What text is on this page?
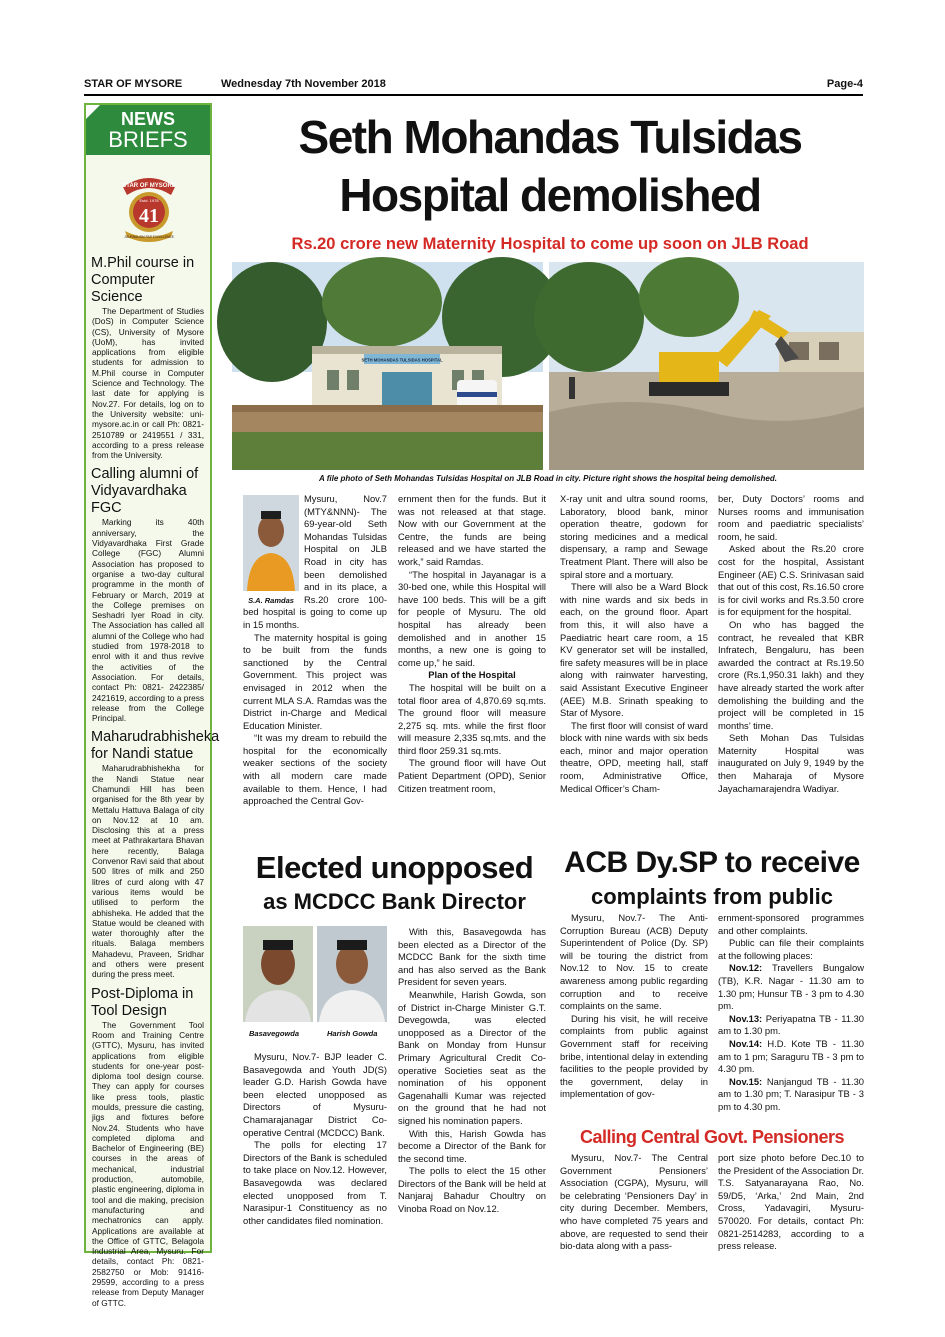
STAR OF MYSORE	Wednesday 7th November 2018	Page-4
NEWS
BRIEFS
STAR OF MYSORE
Estd. 1978
41
JOURNALISM PAR EXCELLENCE
M.Phil course in Computer Science
The Department of Studies (DoS) in Computer Science (CS), University of Mysore (UoM), has invited applications from eligible students for admission to M.Phil course in Computer Science and Technology. The last date for applying is Nov.27. For details, log on to the University website: uni-mysore.ac.in or call Ph: 0821-2510789 or 2419551 / 331, according to a press release from the University.
Calling alumni of Vidyavardhaka FGC
Marking its 40th anniversary, the Vidyavardhaka First Grade College (FGC) Alumni Association has proposed to organise a two-day cultural programme in the month of February or March, 2019 at the College premises on Seshadri Iyer Road in city. The Association has called all alumni of the College who had studied from 1978-2018 to enrol with it and thus revive the activities of the Association. For details, contact Ph: 0821- 2422385/ 2421619, according to a press release from the College Principal.
Maharudrabhisheka for Nandi statue
Maharudrabhishekha for the Nandi Statue near Chamundi Hill has been organised for the 8th year by Mettalu Hattuva Balaga of city on Nov.12 at 10 am. Disclosing this at a press meet at Pathrakartara Bhavan here recently, Balaga Convenor Ravi said that about 500 litres of milk and 250 litres of curd along with 47 various items would be utilised to perform the abhisheka. He added that the Statue would be cleaned with water thoroughly after the rituals. Balaga members Mahadevu, Praveen, Sridhar and others were present during the press meet.
Post-Diploma in Tool Design
The Government Tool Room and Training Centre (GTTC), Mysuru, has invited applications from eligible students for one-year post-diploma tool design course. They can apply for courses like press tools, plastic moulds, pressure die casting, jigs and fixtures before Nov.24. Students who have completed diploma and Bachelor of Engineering (BE) courses in the areas of mechanical, industrial production, automobile, plastic engineering, diploma in tool and die making, precision manufacturing and mechatronics can apply. Applications are available at the Office of GTTC, Belagola Industrial Area, Mysuru. For details, contact Ph: 0821-2582750 or Mob: 91416-29599, according to a press release from Deputy Manager of GTTC.
Seth Mohandas Tulsidas
Hospital demolished
Rs.20 crore new Maternity Hospital to come up soon on JLB Road
SETH MOHANDAS TULSIDAS HOSPITAL
A file photo of Seth Mohandas Tulsidas Hospital on JLB Road in city. Picture right shows the hospital being demolished.
S.A. Ramdas

Mysuru, Nov.7 (MTY&NNN)- The 69-year-old Seth Mohandas Tulsidas Hospital on JLB Road in city has been demolished and in its place, a Rs.20 crore 100-bed hospital is going to come up in 15 months.

The maternity hospital is going to be built from the funds sanctioned by the Central Government. This project was envisaged in 2012 when the current MLA S.A. Ramdas was the District in-Charge and Medical Education Minister.

“It was my dream to rebuild the hospital for the economically weaker sections of the society with all modern care made available to them. Hence, I had approached the Central Gov-

ernment then for the funds. But it was not released at that stage. Now with our Government at the Centre, the funds are being released and we have started the work,” said Ramdas.

“The hospital in Jayanagar is a 30-bed one, while this Hospital will have 100 beds. This will be a gift for people of Mysuru. The old hospital has already been demolished and in another 15 months, a new one is going to come up,” he said.

Plan of the Hospital

The hospital will be built on a total floor area of 4,870.69 sq.mts. The ground floor will measure 2,275 sq. mts. while the first floor will measure 2,335 sq.mts. and the third floor 259.31 sq.mts.

The ground floor will have Out Patient Department (OPD), Senior Citizen treatment room,

X-ray unit and ultra sound rooms, Laboratory, blood bank, minor operation theatre, godown for storing medicines and a medical dispensary, a ramp and Sewage Treatment Plant. There will also be spiral store and a mortuary.

There will also be a Ward Block with nine wards and six beds in each, on the ground floor. Apart from this, it will also have a Paediatric heart care room, a 15 KV generator set will be installed, fire safety measures will be in place along with rainwater harvesting, said Assistant Executive Engineer (AEE) M.B. Srinath speaking to Star of Mysore.

The first floor will consist of ward block with nine wards with six beds each, minor and major operation theatre, OPD, meeting hall, staff room, Administrative Office, Medical Officer’s Cham-

ber, Duty Doctors’ rooms and Nurses rooms and immunisation room and paediatric specialists’ room, he said.

Asked about the Rs.20 crore cost for the hospital, Assistant Engineer (AE) C.S. Srinivasan said that out of this cost, Rs.16.50 crore is for civil works and Rs.3.50 crore is for equipment for the hospital.

On who has bagged the contract, he revealed that KBR Infratech, Bengaluru, has been awarded the contract at Rs.19.50 crore (Rs.1,950.31 lakh) and they have already started the work after demolishing the building and the project will be completed in 15 months’ time.

Seth Mohan Das Tulsidas Maternity Hospital was inaugurated on July 9, 1949 by the then Maharaja of Mysore Jayachamarajendra Wadiyar.

Elected unopposed
as MCDCC Bank Director
Basavegowda	Harish Gowda

Mysuru, Nov.7- BJP leader C. Basavegowda and Youth JD(S) leader G.D. Harish Gowda have been elected unopposed as Directors of Mysuru-Chamarajanagar District Co-operative Central (MCDCC) Bank.

The polls for electing 17 Directors of the Bank is scheduled to take place on Nov.12. However, Basavegowda was declared elected unopposed from T. Narasipur-1 Constituency as no other candidates filed nomination.

With this, Basavegowda has been elected as a Director of the MCDCC Bank for the sixth time and has also served as the Bank President for seven years.

Meanwhile, Harish Gowda, son of District in-Charge Minister G.T. Devegowda, was elected unopposed as a Director of the Bank on Monday from Hunsur Primary Agricultural Credit Co-operative Societies seat as the nomination of his opponent Gagenahalli Kumar was rejected on the ground that he had not signed his nomination papers.

With this, Harish Gowda has become a Director of the Bank for the second time.

The polls to elect the 15 other Directors of the Bank will be held at Nanjaraj Bahadur Choultry on Vinoba Road on Nov.12.

ACB Dy.SP to receive
complaints from public

Mysuru, Nov.7- The Anti-Corruption Bureau (ACB) Deputy Superintendent of Police (Dy. SP) will be touring the district from Nov.12 to Nov. 15 to create awareness among public regarding corruption and to receive complaints on the same.

During his visit, he will receive complaints from public against Government staff for receiving bribe, intentional delay in extending facilities to the people provided by the government, delay in implementation of gov-

ernment-sponsored programmes and other complaints.

Public can file their complaints at the following places:

Nov.12: Travellers Bungalow (TB), K.R. Nagar - 11.30 am to 1.30 pm; Hunsur TB - 3 pm to 4.30 pm.

Nov.13: Periyapatna TB - 11.30 am to 1.30 pm.

Nov.14: H.D. Kote TB - 11.30 am to 1 pm; Saraguru TB - 3 pm to 4.30 pm.

Nov.15: Nanjangud TB - 11.30 am to 1.30 pm; T. Narasipur TB - 3 pm to 4.30 pm.

Calling Central Govt. Pensioners

Mysuru, Nov.7- The Central Government Pensioners’ Association (CGPA), Mysuru, will be celebrating ‘Pensioners Day’ in city during December. Members, who have completed 75 years and above, are requested to send their bio-data along with a pass-

port size photo before Dec.10 to the President of the Association Dr. T.S. Satyanarayana Rao, No. 59/D5, ‘Arka,’ 2nd Main, 2nd Cross, Yadavagiri, Mysuru-570020. For details, contact Ph: 0821-2514283, according to a press release.
